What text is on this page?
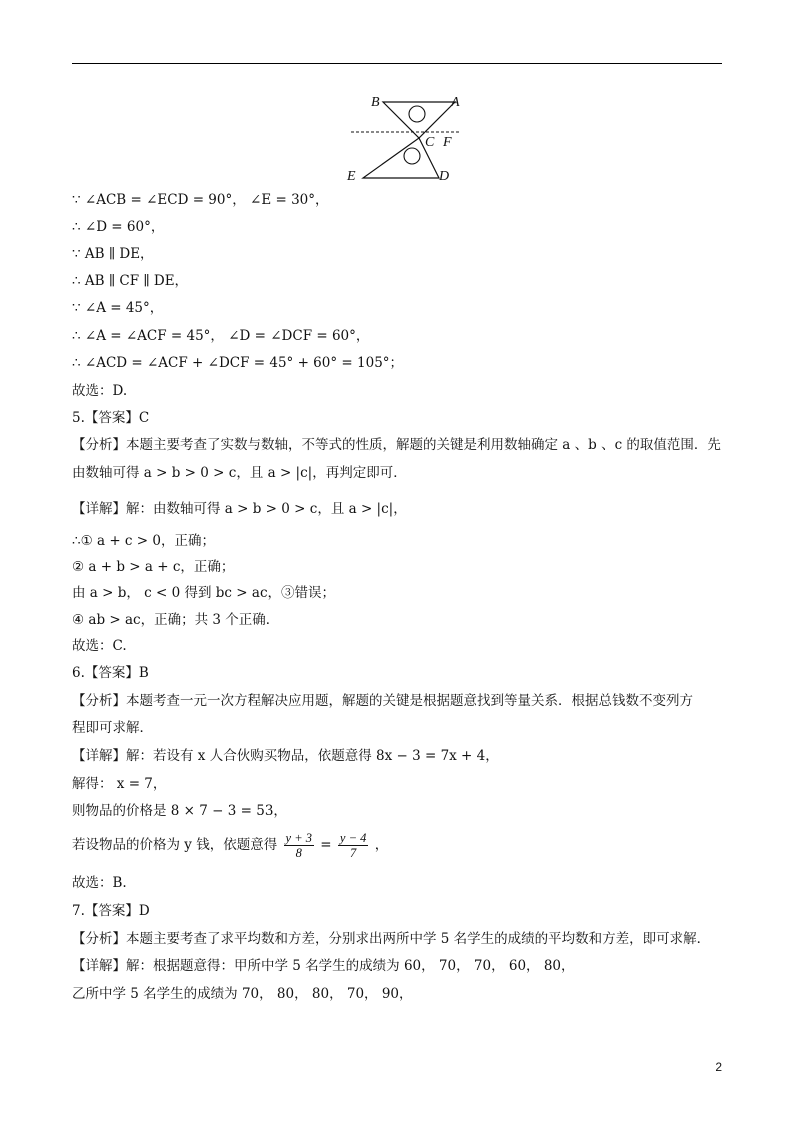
B	A
C F
E	D
∵ ∠ACB = ∠ECD = 90°， ∠E = 30°，
∴ ∠D = 60°，
∵ AB ∥ DE，
∴ AB ∥ CF ∥ DE，
∵ ∠A = 45°，
∴ ∠A = ∠ACF = 45°， ∠D = ∠DCF = 60°，
∴ ∠ACD = ∠ACF + ∠DCF = 45° + 60° = 105°；
故选：D.
5.【答案】C
【分析】本题主要考查了实数与数轴，不等式的性质，解题的关键是利用数轴确定 a 、b 、c 的取值范围．先
由数轴可得 a > b > 0 > c，且 a > |c|，再判定即可．
【详解】解：由数轴可得 a > b > 0 > c，且 a > |c|，
∴① a + c > 0，正确；
② a + b > a + c，正确；
由 a > b， c < 0 得到 bc > ac，③错误；
④ ab > ac，正确；共 3 个正确．
故选：C.
6.【答案】B
【分析】本题考查一元一次方程解决应用题，解题的关键是根据题意找到等量关系．根据总钱数不变列方
程即可求解．
【详解】解：若设有 x 人合伙购买物品，依题意得 8x − 3 = 7x + 4，
解得： x = 7，
则物品的价格是 8 × 7 − 3 = 53，
若设物品的价格为 y 钱，依题意得 $\frac{y + 3}{8} = \frac{y - 4}{7}$ ，
故选：B.
7.【答案】D
【分析】本题主要考查了求平均数和方差，分别求出两所中学 5 名学生的成绩的平均数和方差，即可求解．
【详解】解：根据题意得：甲所中学 5 名学生的成绩为 60， 70， 70， 60， 80，
乙所中学 5 名学生的成绩为 70， 80， 80， 70， 90，
2
